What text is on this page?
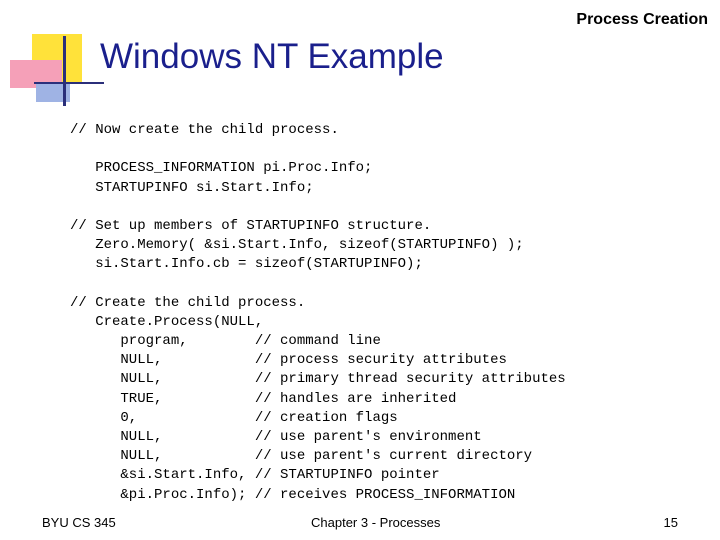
Process Creation
Windows NT Example
// Now create the child process.
PROCESS_INFORMATION pi.Proc.Info;
STARTUPINFO si.Start.Info;
// Set up members of STARTUPINFO structure.
Zero.Memory( &si.Start.Info, sizeof(STARTUPINFO) );
si.Start.Info.cb = sizeof(STARTUPINFO);
// Create the child process.
Create.Process(NULL,
program,        // command line
NULL,           // process security attributes
NULL,           // primary thread security attributes
TRUE,           // handles are inherited
0,              // creation flags
NULL,           // use parent's environment
NULL,           // use parent's current directory
&si.Start.Info, // STARTUPINFO pointer
&pi.Proc.Info); // receives PROCESS_INFORMATION
BYU CS 345	Chapter 3 - Processes	15
